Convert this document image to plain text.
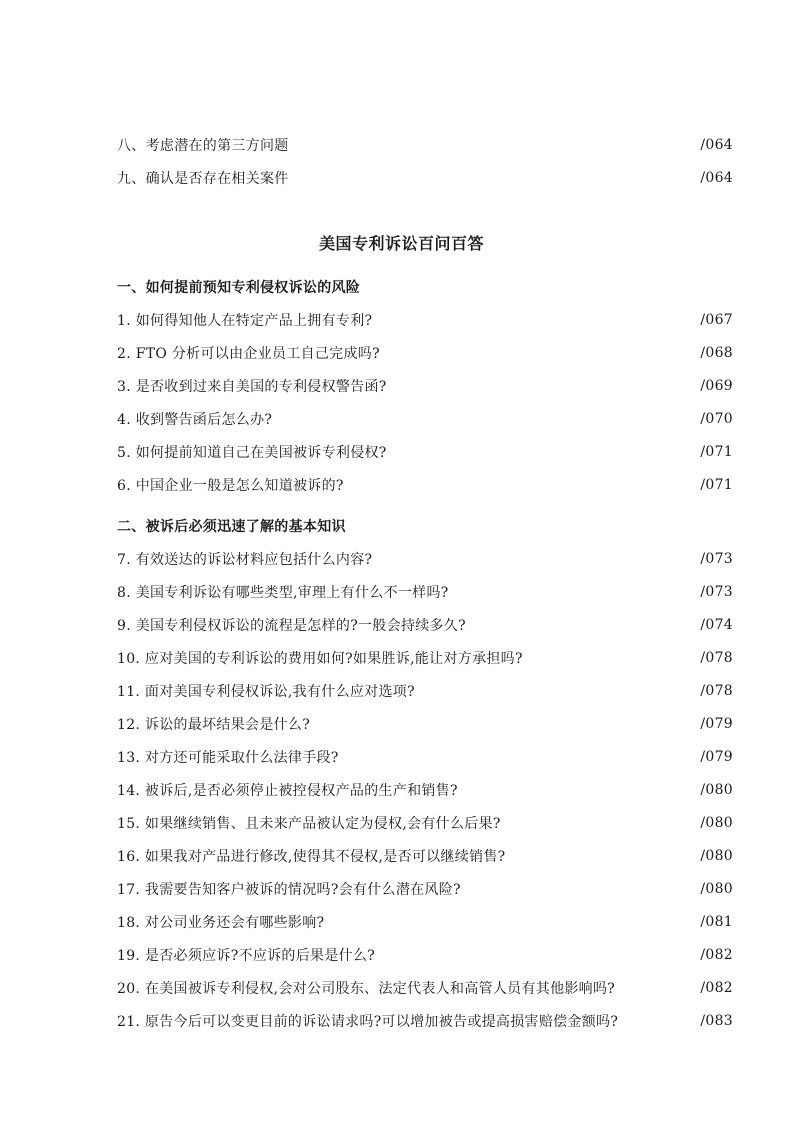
八、考虑潜在的第三方问题	/064
九、确认是否存在相关案件	/064
美国专利诉讼百问百答
一、如何提前预知专利侵权诉讼的风险
1. 如何得知他人在特定产品上拥有专利?	/067
2. FTO 分析可以由企业员工自己完成吗?	/068
3. 是否收到过来自美国的专利侵权警告函?	/069
4. 收到警告函后怎么办?	/070
5. 如何提前知道自己在美国被诉专利侵权?	/071
6. 中国企业一般是怎么知道被诉的?	/071
二、被诉后必须迅速了解的基本知识
7. 有效送达的诉讼材料应包括什么内容?	/073
8. 美国专利诉讼有哪些类型,审理上有什么不一样吗?	/073
9. 美国专利侵权诉讼的流程是怎样的?一般会持续多久?	/074
10. 应对美国的专利诉讼的费用如何?如果胜诉,能让对方承担吗?	/078
11. 面对美国专利侵权诉讼,我有什么应对选项?	/078
12. 诉讼的最坏结果会是什么?	/079
13. 对方还可能采取什么法律手段?	/079
14. 被诉后,是否必须停止被控侵权产品的生产和销售?	/080
15. 如果继续销售、且未来产品被认定为侵权,会有什么后果?	/080
16. 如果我对产品进行修改,使得其不侵权,是否可以继续销售?	/080
17. 我需要告知客户被诉的情况吗?会有什么潜在风险?	/080
18. 对公司业务还会有哪些影响?	/081
19. 是否必须应诉?不应诉的后果是什么?	/082
20. 在美国被诉专利侵权,会对公司股东、法定代表人和高管人员有其他影响吗?	/082
21. 原告今后可以变更目前的诉讼请求吗?可以增加被告或提高损害赔偿金额吗?	/083
